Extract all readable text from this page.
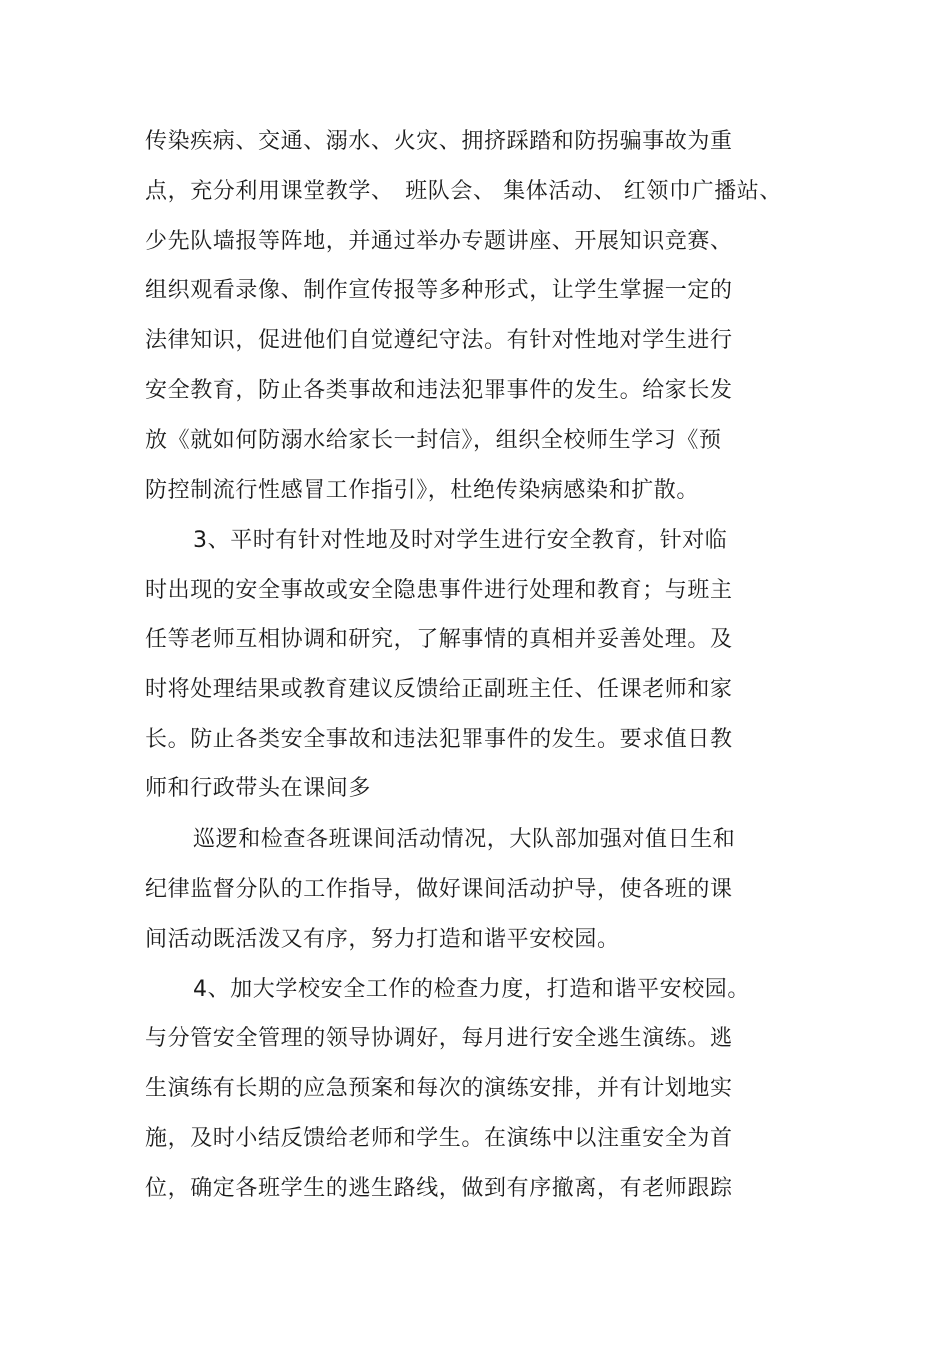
传染疾病、交通、溺水、火灾、拥挤踩踏和防拐骗事故为重
点，充分利用课堂教学、　班队会、 集体活动、 红领巾广播站、
少先队墙报等阵地，并通过举办专题讲座、开展知识竞赛、
组织观看录像、制作宣传报等多种形式，让学生掌握一定的
法律知识，促进他们自觉遵纪守法。有针对性地对学生进行
安全教育，防止各类事故和违法犯罪事件的发生。给家长发
放《就如何防溺水给家长一封信》，组织全校师生学习《预
防控制流行性感冒工作指引》，杜绝传染病感染和扩散。
3、平时有针对性地及时对学生进行安全教育，针对临
时出现的安全事故或安全隐患事件进行处理和教育；与班主
任等老师互相协调和研究，了解事情的真相并妥善处理。及
时将处理结果或教育建议反馈给正副班主任、任课老师和家
长。防止各类安全事故和违法犯罪事件的发生。要求值日教
师和行政带头在课间多
巡逻和检查各班课间活动情况，大队部加强对值日生和
纪律监督分队的工作指导，做好课间活动护导，使各班的课
间活动既活泼又有序，努力打造和谐平安校园。
4、加大学校安全工作的检查力度，打造和谐平安校园。
与分管安全管理的领导协调好，每月进行安全逃生演练。逃
生演练有长期的应急预案和每次的演练安排，并有计划地实
施，及时小结反馈给老师和学生。在演练中以注重安全为首
位，确定各班学生的逃生路线，做到有序撤离，有老师跟踪
